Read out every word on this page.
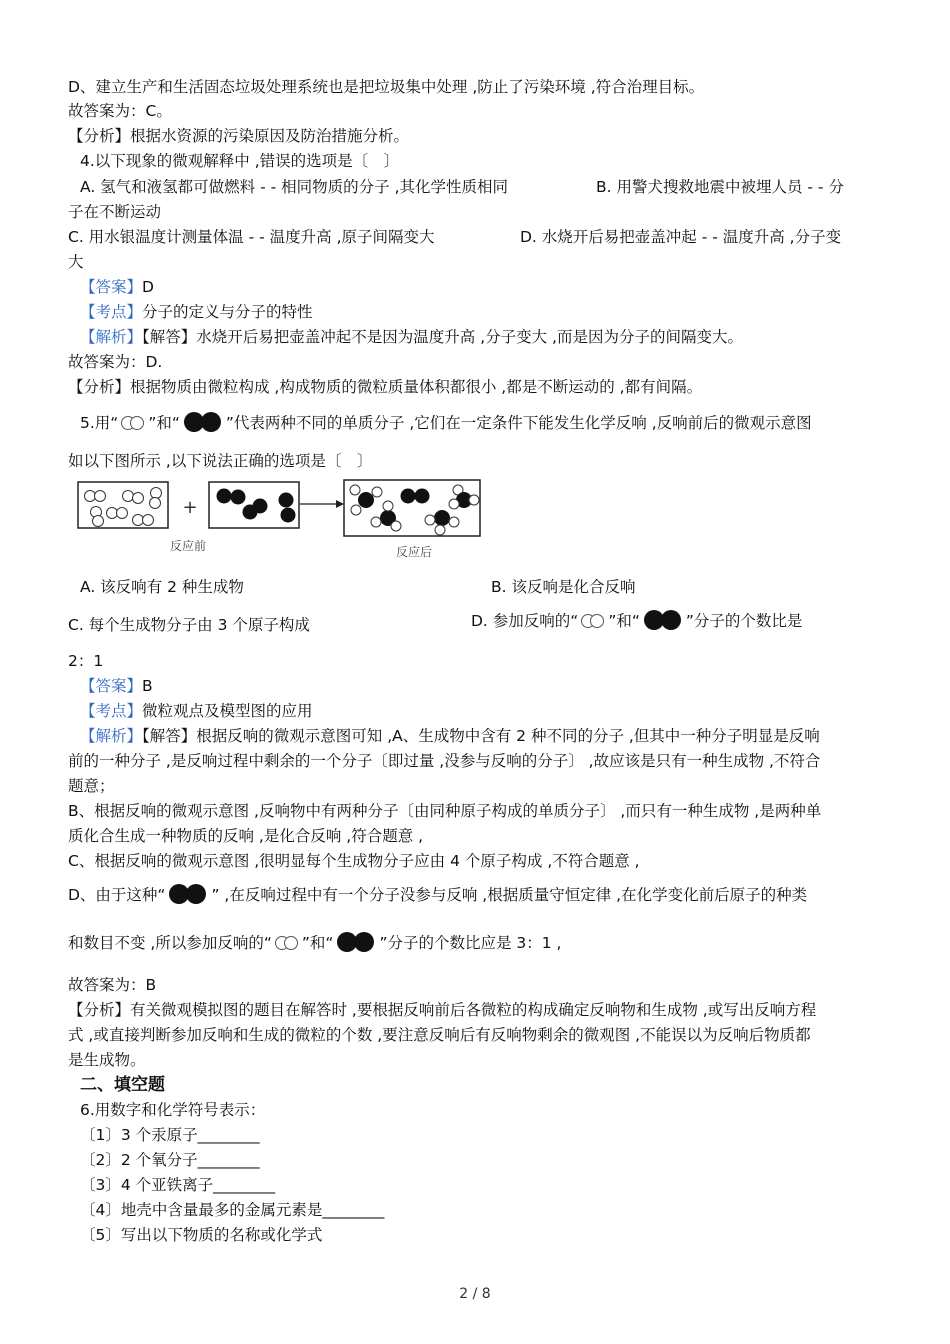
D、建立生产和生活固态垃圾处理系统也是把垃圾集中处理 ,防止了污染环境 ,符合治理目标。
故答案为：C。
【分析】根据水资源的污染原因及防治措施分析。
4.以下现象的微观解释中 ,错误的选项是〔　〕
A. 氢气和液氢都可做燃料 - - 相同物质的分子 ,其化学性质相同	B. 用警犬搜救地震中被埋人员 - - 分
子在不断运动
C. 用水银温度计测量体温 - - 温度升高 ,原子间隔变大	D. 水烧开后易把壶盖冲起 - - 温度升高 ,分子变
大
【答案】D
【考点】分子的定义与分子的特性
【解析】【解答】水烧开后易把壶盖冲起不是因为温度升高 ,分子变大 ,而是因为分子的间隔变大。
故答案为：D.
【分析】根据物质由微粒构成 ,构成物质的微粒质量体积都很小 ,都是不断运动的 ,都有间隔。
5.用“ ”和“	”代表两种不同的单质分子 ,它们在一定条件下能发生化学反响 ,反响前后的微观示意图
如以下图所示 ,以下说法正确的选项是〔　〕
+
反应前	反应后
A. 该反响有 2 种生成物	B. 该反响是化合反响
C. 每个生成物分子由 3 个原子构成	D. 参加反响的“ ”和“	”分子的个数比是
2：1
【答案】B
【考点】微粒观点及模型图的应用
【解析】【解答】根据反响的微观示意图可知 ,A、生成物中含有 2 种不同的分子 ,但其中一种分子明显是反响
前的一种分子 ,是反响过程中剩余的一个分子〔即过量 ,没参与反响的分子〕 ,故应该是只有一种生成物 ,不符合
题意；
B、根据反响的微观示意图 ,反响物中有两种分子〔由同种原子构成的单质分子〕 ,而只有一种生成物 ,是两种单
质化合生成一种物质的反响 ,是化合反响 ,符合题意 ,
C、根据反响的微观示意图 ,很明显每个生成物分子应由 4 个原子构成 ,不符合题意 ,
D、由于这种“	” ,在反响过程中有一个分子没参与反响 ,根据质量守恒定律 ,在化学变化前后原子的种类
和数目不变 ,所以参加反响的“ ”和“	”分子的个数比应是 3：1 ,
故答案为：B
【分析】有关微观模拟图的题目在解答时 ,要根据反响前后各微粒的构成确定反响物和生成物 ,或写出反响方程
式 ,或直接判断参加反响和生成的微粒的个数 ,要注意反响后有反响物剩余的微观图 ,不能误以为反响后物质都
是生成物。
二、填空题
6.用数字和化学符号表示：
〔1〕3 个汞原子________
〔2〕2 个氧分子________
〔3〕4 个亚铁离子________
〔4〕地壳中含量最多的金属元素是________
〔5〕写出以下物质的名称或化学式
2 / 8
